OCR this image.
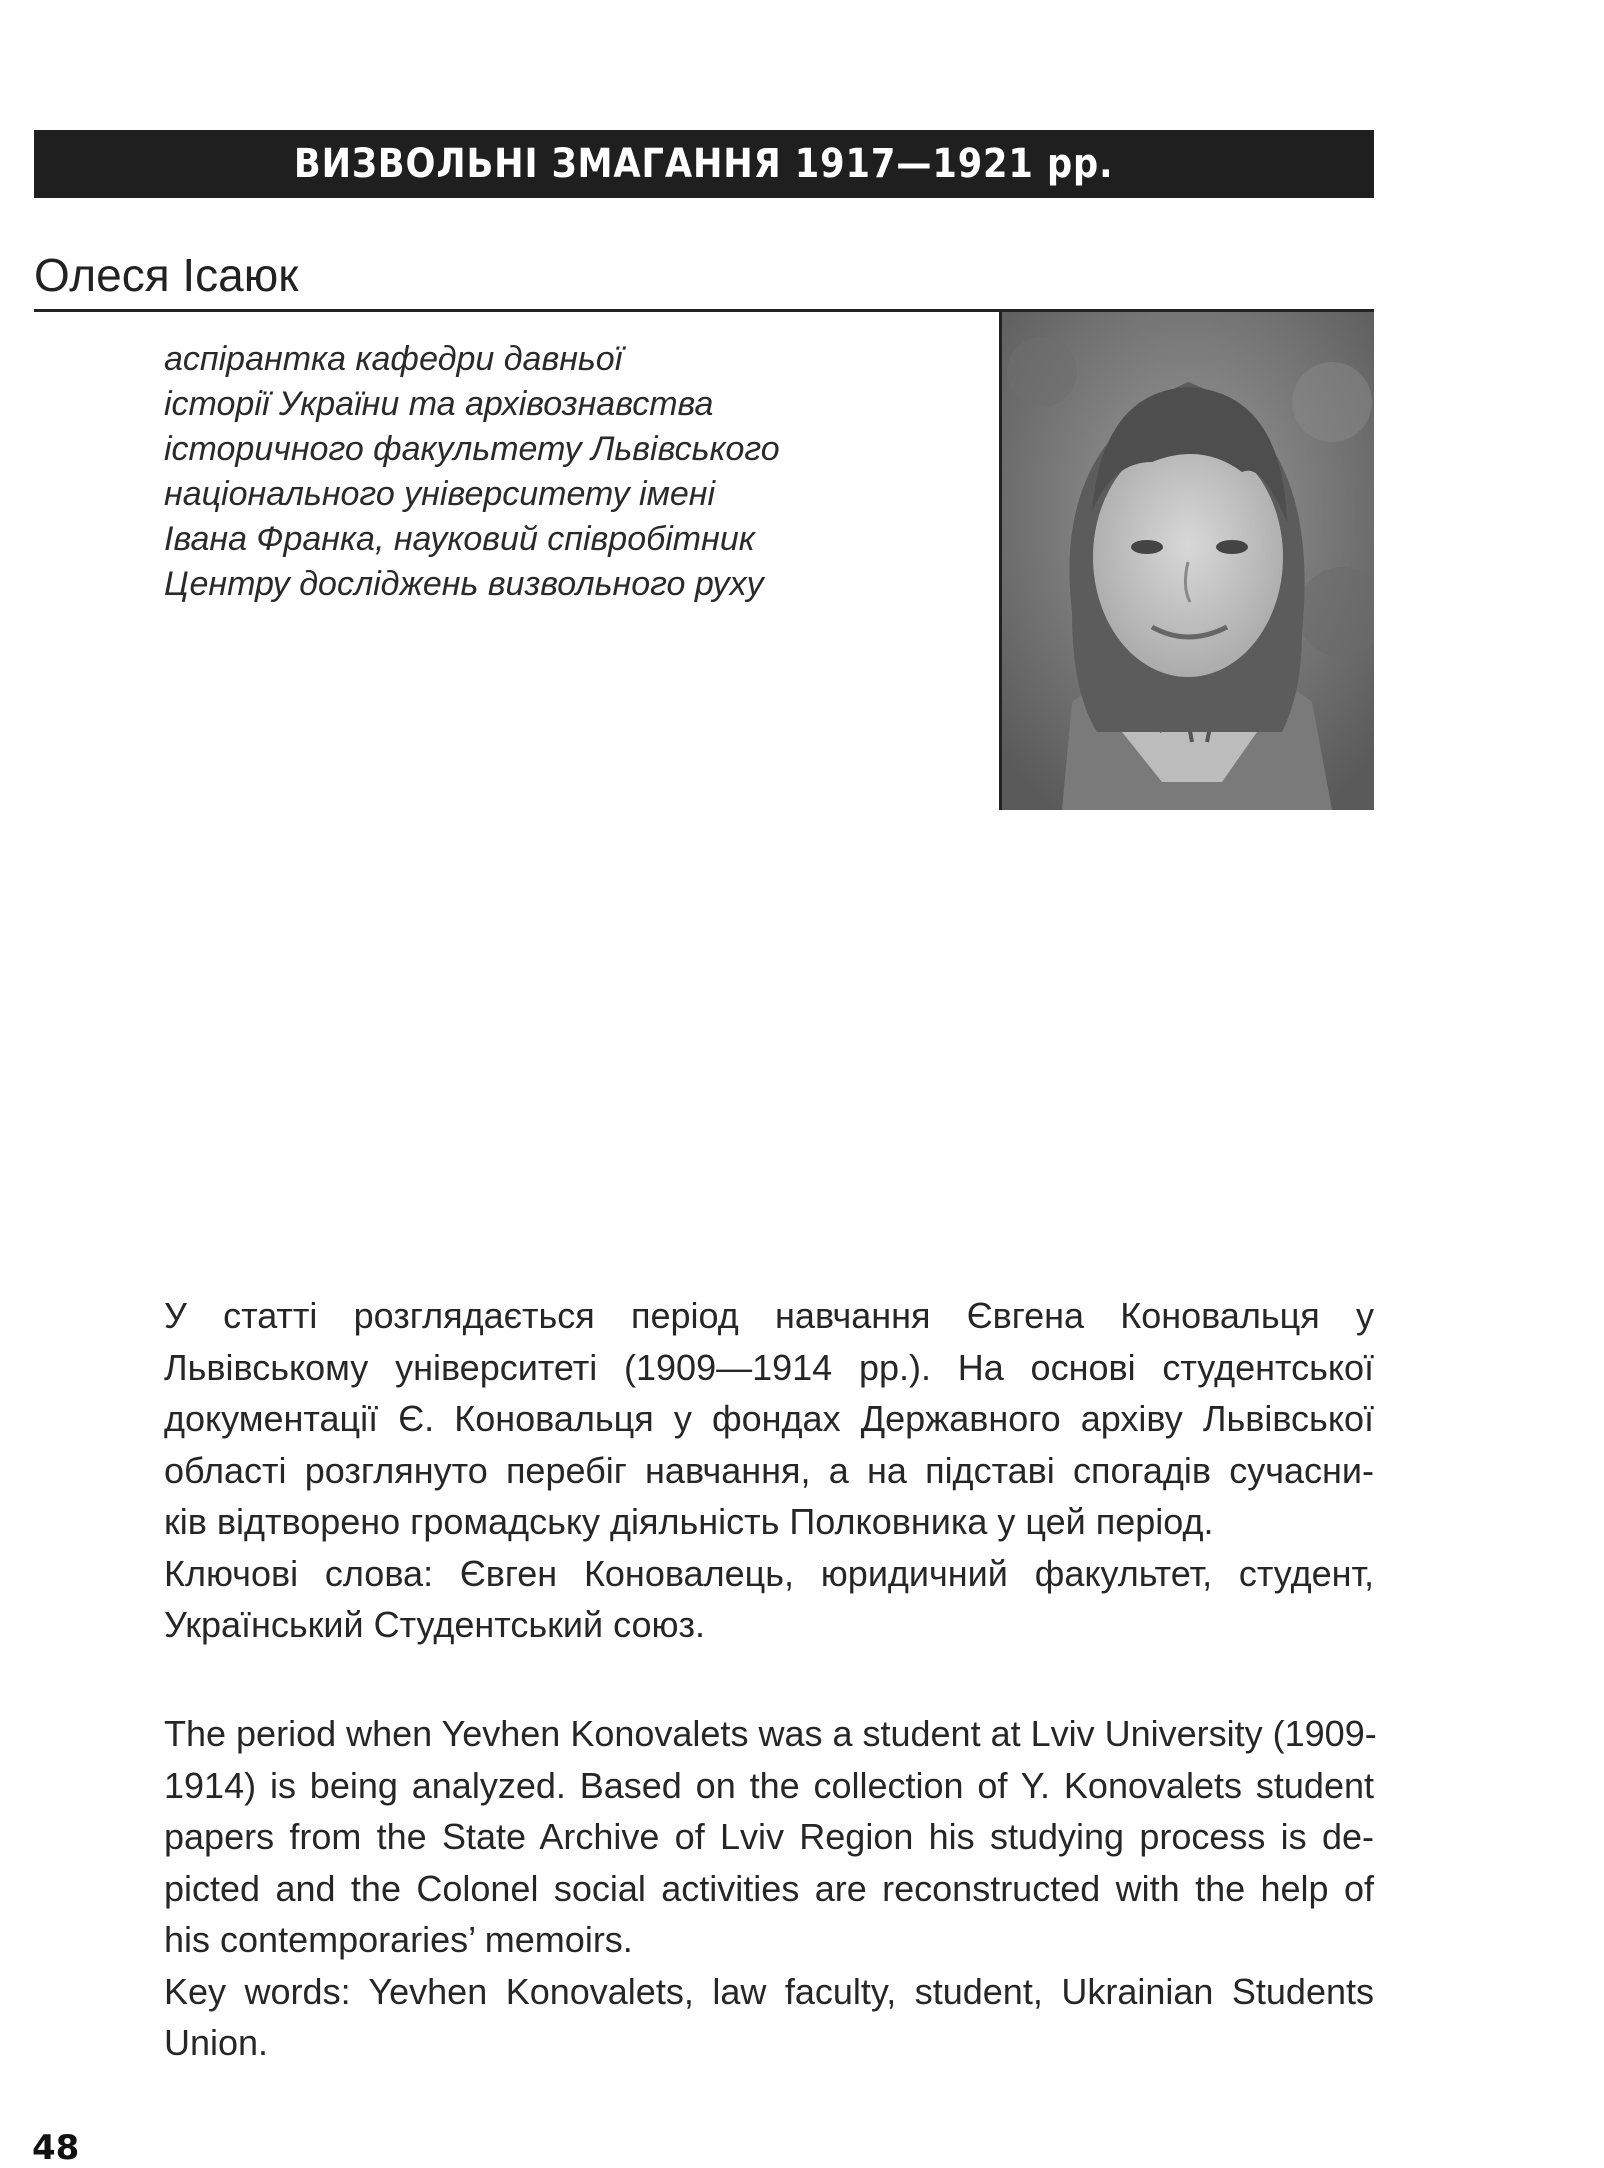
ВИЗВОЛЬНІ ЗМАГАННЯ 1917—1921 рр.
Олеся Ісаюк
аспірантка кафедри давньої
історії України та архівознавства
історичного факультету Львівського
національного університету імені
Івана Франка, науковий співробітник
Центру досліджень визвольного руху
У статті розглядається період навчання Євгена Коновальця у
Львівському університеті (1909—1914 рр.). На основі студентської
документації Є. Коновальця у фондах Державного архіву Львівської
області розглянуто перебіг навчання, а на підставі спогадів сучасни-
ків відтворено громадську діяльність Полковника у цей період.
Ключові слова: Євген Коновалець, юридичний факультет, студент,
Український Студентський союз.
The period when Yevhen Konovalets was a student at Lviv University (1909-
1914) is being analyzed. Based on the collection of Y. Konovalets student
papers from the State Archive of Lviv Region his studying process is de-
picted and the Colonel social activities are reconstructed with the help of
his contemporaries’ memoirs.
Key words: Yevhen Konovalets, law faculty, student, Ukrainian Students
Union.
48
